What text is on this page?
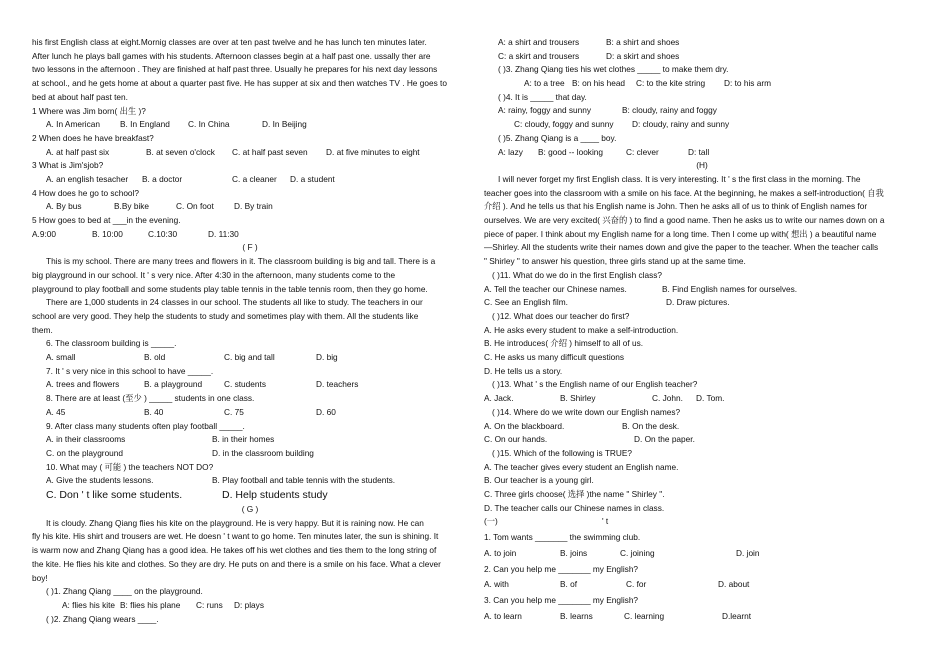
his first English class at eight.Mornig classes are over at ten past twelve and he has lunch ten minutes later.
After lunch he plays ball games with his students. Afternoon classes begin at a half past one. ussally ther are
two lessons in the afternoon . They are finished at half past three. Usually he prepares for his next day lessons
at school., and he gets home at about a quarter past five. He has supper at six and then watches TV . He goes to
bed at about half past ten.
1 Where was Jim born( 出生 )?
A. In American	B. In England	C. In China	D. In Beijing
2 When does he have breakfast?
A. at half past six	B. at seven o'clock	C. at half past seven	D. at five minutes to eight
3 What is Jim'sjob?
A. an english tesacher	B. a doctor	C. a cleaner	D. a student
4 How does he go to school?
A. By bus	B.By bike	C. On foot	D. By train
5 How goes to bed at ___in the evening.
A.9:00	B. 10:00	C.10:30	D. 11:30
( F )
This is my school. There are many trees and flowers in it. The classroom building is big and tall. There is a
big playground in our school. It ' s very nice. After 4:30 in the afternoon, many students come to the
playground to play football and some students play table tennis in the table tennis room, then they go home.
There are 1,000 students in 24 classes in our school. The students all like to study. The teachers in our
school are very good. They help the students to study and sometimes play with them. All the students like
them.
6. The classroom building is _____.
A. small	B. old	C. big and tall	D. big
7. It ' s very nice in this school to have _____.
A. trees and flowers	B. a playground	C. students	D. teachers
8. There are at least (至少 ) _____ students in one class.
A. 45	B. 40	C. 75	D. 60
9. After class many students often play football _____.
A. in their classrooms	B. in their homes
C. on the playground	D. in the classroom building
10. What may ( 可能 ) the teachers NOT DO?
A. Give the students lessons.	B. Play football and table tennis with the students.
C. Don ' t like some students.	D. Help students study
( G )
It is cloudy. Zhang Qiang flies his kite on the playground. He is very happy. But it is raining now. He can
fly his kite. His shirt and trousers are wet. He doesn ' t want to go home. Ten minutes later, the sun is shining. It
is warm now and Zhang Qiang has a good idea. He takes off his wet clothes and ties them to the long string of
the kite. He flies his kite and clothes. So they are dry. He puts on and there is a smile on his face. What a clever
boy!
( )1. Zhang Qiang ____ on the playground.
A: flies his kite B: flies his plane	C: runs	D: plays
( )2. Zhang Qiang wears ____.
A: a shirt and trousers	B: a shirt and shoes
C: a skirt and trousers	D: a skirt and shoes
( )3. Zhang Qiang ties his wet clothes _____ to make them dry.
A: to a tree B: on his head	C: to the kite string	D: to his arm
( )4. It is _____ that day.
A: rainy, foggy and sunny	B: cloudy, rainy and foggy
C: cloudy, foggy and sunny	D: cloudy, rainy and sunny
( )5. Zhang Qiang is a ____ boy.
A: lazy	B: good -- looking	C: clever	D: tall
(H)
I will never forget my first English class. It is very interesting. It ' s the first class in the morning. The
teacher goes into the classroom with a smile on his face. At the beginning, he makes a self-introduction( 自我
介绍 ). And he tells us that his English name is John. Then he asks all of us to think of English names for
ourselves. We are very excited( 兴奋的 ) to find a good name. Then he asks us to write our names down on a
piece of paper. I think about my English name for a long time. Then I come up with( 想出 ) a beautiful name
—Shirley. All the students write their names down and give the paper to the teacher. When the teacher calls
" Shirley " to answer his question, three girls stand up at the same time.
( )11. What do we do in the first English class?
A. Tell the teacher our Chinese names.	B. Find English names for ourselves.
C. See an English film.	D. Draw pictures.
( )12. What does our teacher do first?
A. He asks every student to make a self-introduction.
B. He introduces( 介绍 ) himself to all of us.
C. He asks us many difficult questions
D. He tells us a story.
( )13. What ' s the English name of our English teacher?
A. Jack.	B. Shirley	C. John.	D. Tom.
( )14. Where do we write down our English names?
A. On the blackboard.	B. On the desk.
C. On our hands.	D. On the paper.
( )15. Which of the following is TRUE?
A. The teacher gives every student an English name.
B. Our teacher is a young girl.
C. Three girls choose( 选择 )the name " Shirley ".
D. The teacher calls our Chinese names in class.
(一)	' t
1. Tom wants _______ the swimming club.
A. to join	B. joins	C. joining	D. join
2. Can you help me _______ my English?
A. with	B. of	C. for	D. about
3. Can you help me _______ my English?
A. to learn	B. learns	C. learning	D.learnt
